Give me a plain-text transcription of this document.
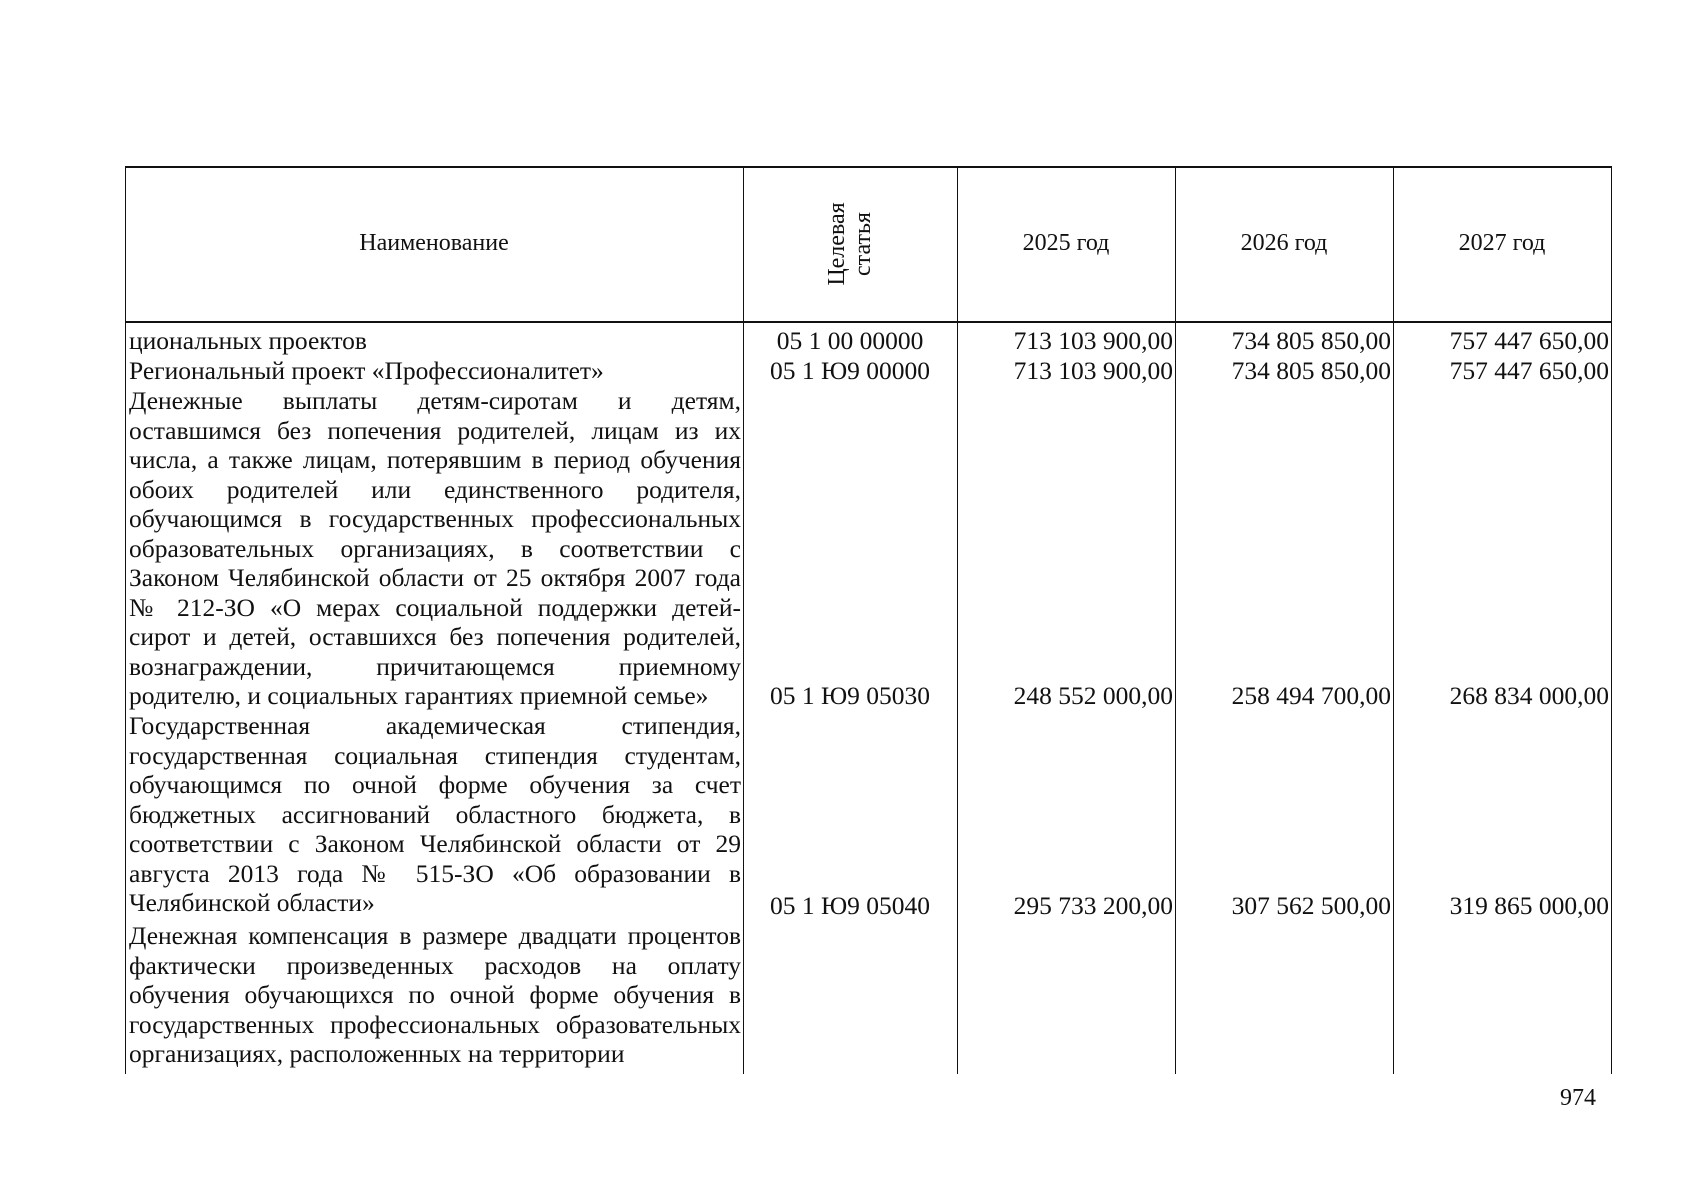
Наименование	Целевая статья	2025 год	2026 год	2027 год
циональных проектов	05 1 00 00000	713 103 900,00	734 805 850,00	757 447 650,00
Региональный проект «Профессионалитет»	05 1 Ю9 00000	713 103 900,00	734 805 850,00	757 447 650,00
Денежные выплаты детям-сиротам и детям, оставшимся без попечения родителей, лицам из их числа, а также лицам, потерявшим в период обучения обоих родителей или единственного родителя, обучающимся в государственных профессиональных образовательных организациях, в соответствии с Законом Челябинской области от 25 октября 2007 года № 212-ЗО «О мерах социальной поддержки детей-сирот и детей, оставшихся без попечения родителей, вознаграждении, причитающемся приемному родителю, и социальных гарантиях приемной семье»	05 1 Ю9 05030	248 552 000,00	258 494 700,00	268 834 000,00
Государственная академическая стипендия, государственная социальная стипендия студентам, обучающимся по очной форме обучения за счет бюджетных ассигнований областного бюджета, в соответствии с Законом Челябинской области от 29 августа 2013 года № 515-ЗО «Об образовании в Челябинской области»	05 1 Ю9 05040	295 733 200,00	307 562 500,00	319 865 000,00
Денежная компенсация в размере двадцати процентов фактически произведенных расходов на оплату обучения обучающихся по очной форме обучения в государственных профессиональных образовательных организациях, расположенных на территории
974
